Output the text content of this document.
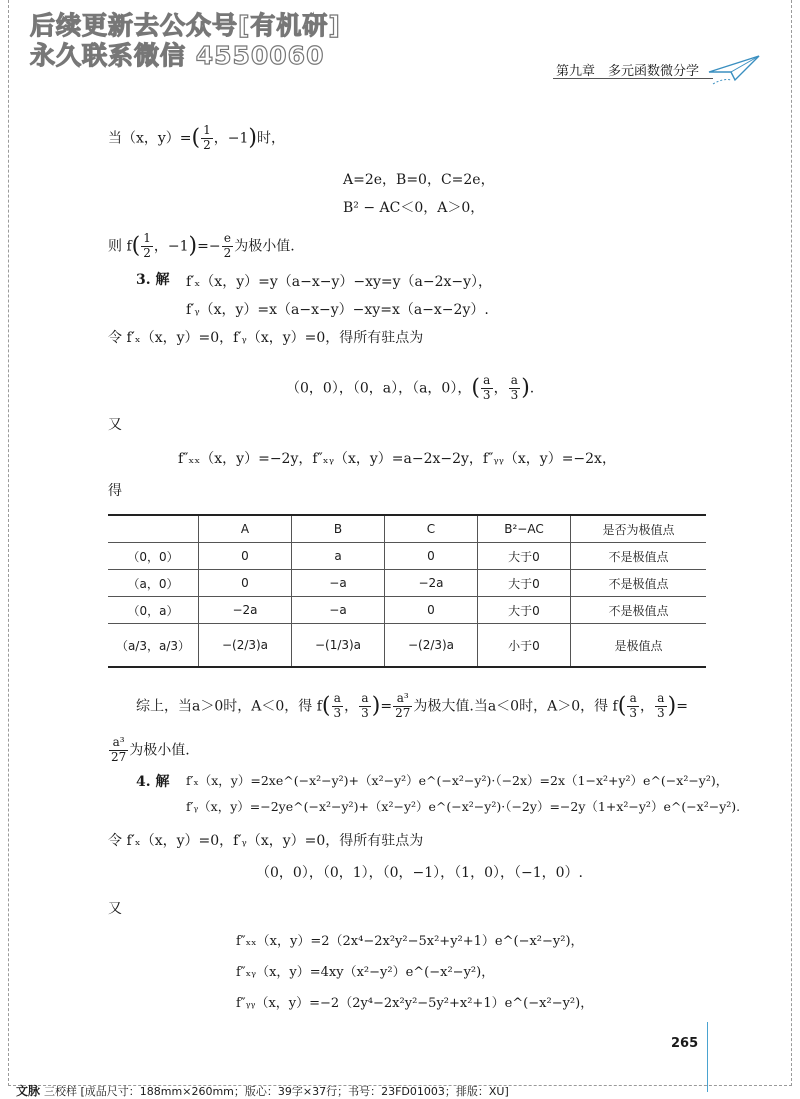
后续更新去公众号[有机研]
永久联系微信 4550060
第九章　多元函数微分学
当（x，$y)=( \frac{1}{2}$ ，−1)时，
A=2e，B=0，C=2e，
B² − AC＜0，A＞0，
则 $f( \frac{1}{2}$ ，$-1)=- \frac{e}{2}$ 为极小值.
3. 解 f′ₓ（x，y）=y（a−x−y）−xy=y（a−2x−y），
f′ᵧ（x，y）=x（a−x−y）−xy=x（a−x−2y）.
令 f′ₓ（x，y）=0，f′ᵧ（x，y）=0，得所有驻点为
（0，0），（0，a），（a，0），( $\frac{a}{3}$ ， $\frac{a}{3}$ ).
又
f″ₓₓ（x，y）=−2y，f″ₓᵧ（x，y）=a−2x−2y，f″ᵧᵧ（x，y）=−2x，
得
	A	B	C	B²−AC	是否为极值点
（0，0）	0	a	0	大于0	不是极值点
（a，0）	0	−a	−2a	大于0	不是极值点
（0，a）	−2a	−a	0	大于0	不是极值点
（a/3，a/3）	−(2/3)a	−(1/3)a	−(2/3)a	小于0	是极值点
综上，当a＞0时，A＜0，得 $f( \frac{a}{3}$ ， $\frac{a}{3}$ )= $\frac{\text{a³}}{27}$ 为极大值.当a＜0时，A＞0，得 $f( \frac{a}{3}$ ， $\frac{a}{3}$ )=
$\frac{\text{a³}}{27}$ 为极小值.
4. 解 f′ₓ（x，y）=2xe^(−x²−y²)+（x²−y²）e^(−x²−y²)·（−2x）=2x（1−x²+y²）e^(−x²−y²)，
f′ᵧ（x，y）=−2ye^(−x²−y²)+（x²−y²）e^(−x²−y²)·（−2y）=−2y（1+x²−y²）e^(−x²−y²).
令 f′ₓ（x，y）=0，f′ᵧ（x，y）=0，得所有驻点为
（0，0），（0，1），（0，−1），（1，0），（−1，0）.
又
f″ₓₓ（x，y）=2（2x⁴−2x²y²−5x²+y²+1）e^(−x²−y²)，
f″ₓᵧ（x，y）=4xy（x²−y²）e^(−x²−y²)，
f″ᵧᵧ（x，y）=−2（2y⁴−2x²y²−5y²+x²+1）e^(−x²−y²)，
265
文脉 三校样 [成品尺寸：188mm×260mm；版心：39字×37行；书号：23FD01003；排版：XU]
